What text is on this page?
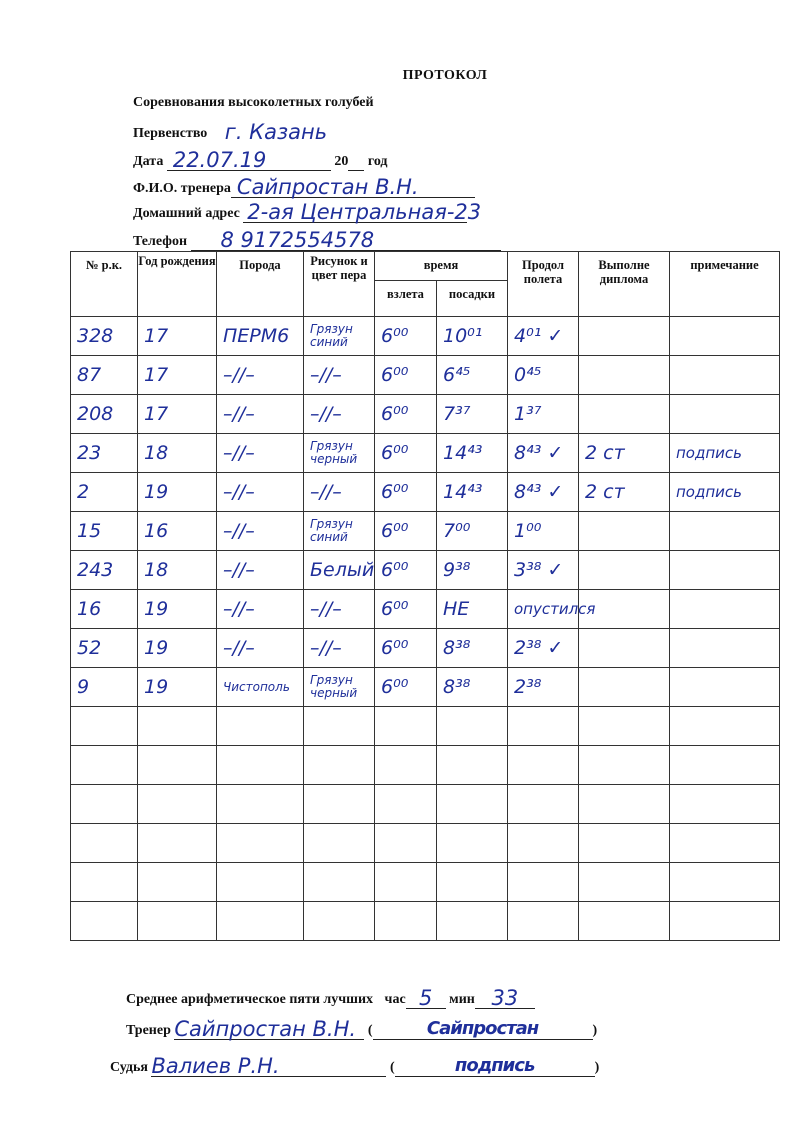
ПРОТОКОЛ
Соревнования высоколетных голубей
Первенство г. Казань
Дата 22.07.19	20 год
Ф.И.О. тренера Сайпростан В.Н.
Домашний адрес 2-ая Центральная-23
Телефон 8 9172554578
№ р.к.	Год рождения	Порода	Рисунок и цвет пера	время		Продол полета	Выполне диплома	примечание
				взлета	посадки			
328	17	ПЕРМ6	Грязун синий	6⁰⁰	10⁰¹	4⁰¹ ✓		
87	17	–//–	–//–	6⁰⁰	6⁴⁵	0⁴⁵		
208	17	–//–	–//–	6⁰⁰	7³⁷	1³⁷		
23	18	–//–	Грязун черный	6⁰⁰	14⁴³	8⁴³ ✓	2 ст	подпись
2	19	–//–	–//–	6⁰⁰	14⁴³	8⁴³ ✓	2 ст	подпись
15	16	–//–	Грязун синий	6⁰⁰	7⁰⁰	1⁰⁰		
243	18	–//–	Белый	6⁰⁰	9³⁸	3³⁸ ✓		
16	19	–//–	–//–	6⁰⁰	НЕ	опустился		
52	19	–//–	–//–	6⁰⁰	8³⁸	2³⁸ ✓		
9	19	Чистополь	Грязун черный	6⁰⁰	8³⁸	2³⁸		

Среднее арифметическое пяти лучших час 5 мин 33
Тренер Сайпростан В.Н. (	Сайпростан	)
Судья Валиев Р.Н.	(	подпись	)
